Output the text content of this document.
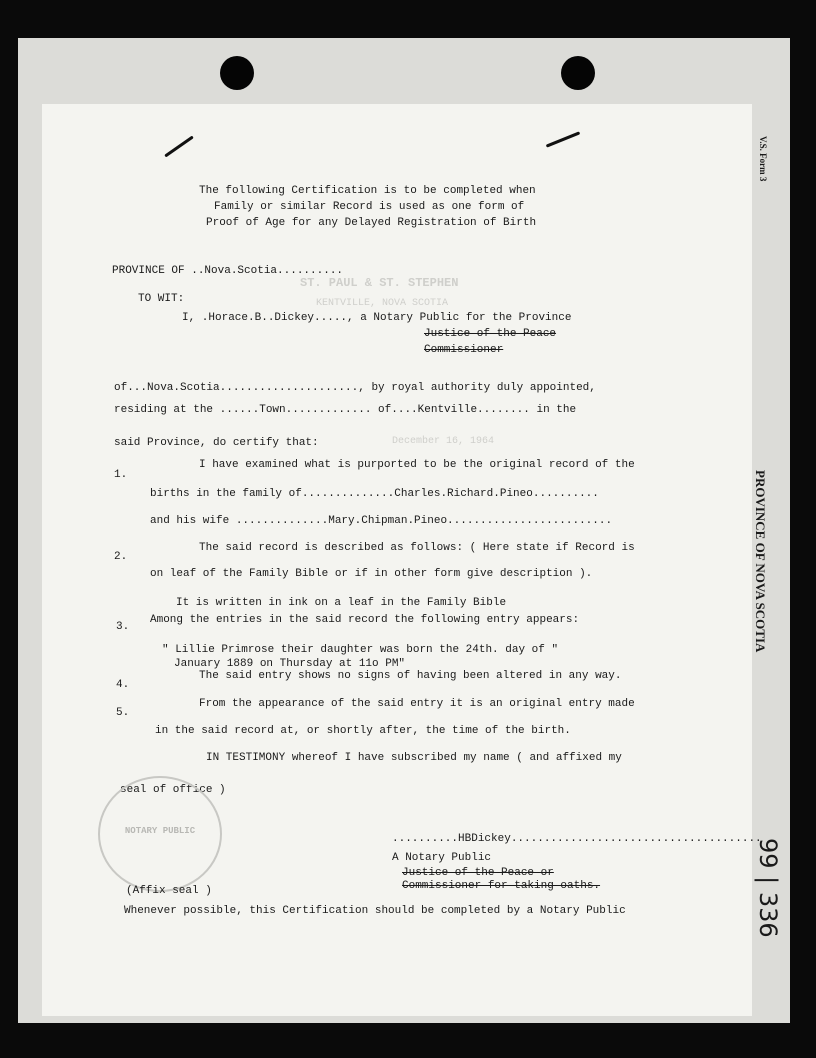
ST. PAUL & ST. STEPHEN
KENTVILLE, NOVA SCOTIA
December 16, 1964
The following Certification is to be completed when
Family or similar Record is used as one form of
Proof of Age for any Delayed Registration of Birth
PROVINCE OF ..Nova.Scotia..........
TO WIT:
I, .Horace.B..Dickey....., a Notary Public for the Province
Justice of the Peace
Commissioner
of...Nova.Scotia....................., by royal authority duly appointed,
residing at the ......Town............. of....Kentville........ in the
said Province, do certify that:
1.
I have examined what is purported to be the original record of the
births in the family of..............Charles.Richard.Pineo..........
and his wife ..............Mary.Chipman.Pineo.........................
2.
The said record is described as follows: ( Here state if Record is
on leaf of the Family Bible or if in other form give description ).
It is written in ink on a leaf in the Family Bible
3.
Among the entries in the said record the following entry appears:
" Lillie Primrose their daughter was born the 24th. day of "
January 1889 on Thursday at 11o PM"
4.
The said entry shows no signs of having been altered in any way.
5.
From the appearance of the said entry it is an original entry made
in the said record at, or shortly after, the time of the birth.
IN TESTIMONY whereof I have subscribed my name ( and affixed my
seal of office )
NOTARY PUBLIC
..........HBDickey......................................
A Notary Public
Justice of the Peace or
Commissioner for taking oaths.
(Affix seal )
Whenever possible, this Certification should be completed by a Notary Public
V.S. Form 3
PROVINCE OF NOVA SCOTIA
99 | 336
